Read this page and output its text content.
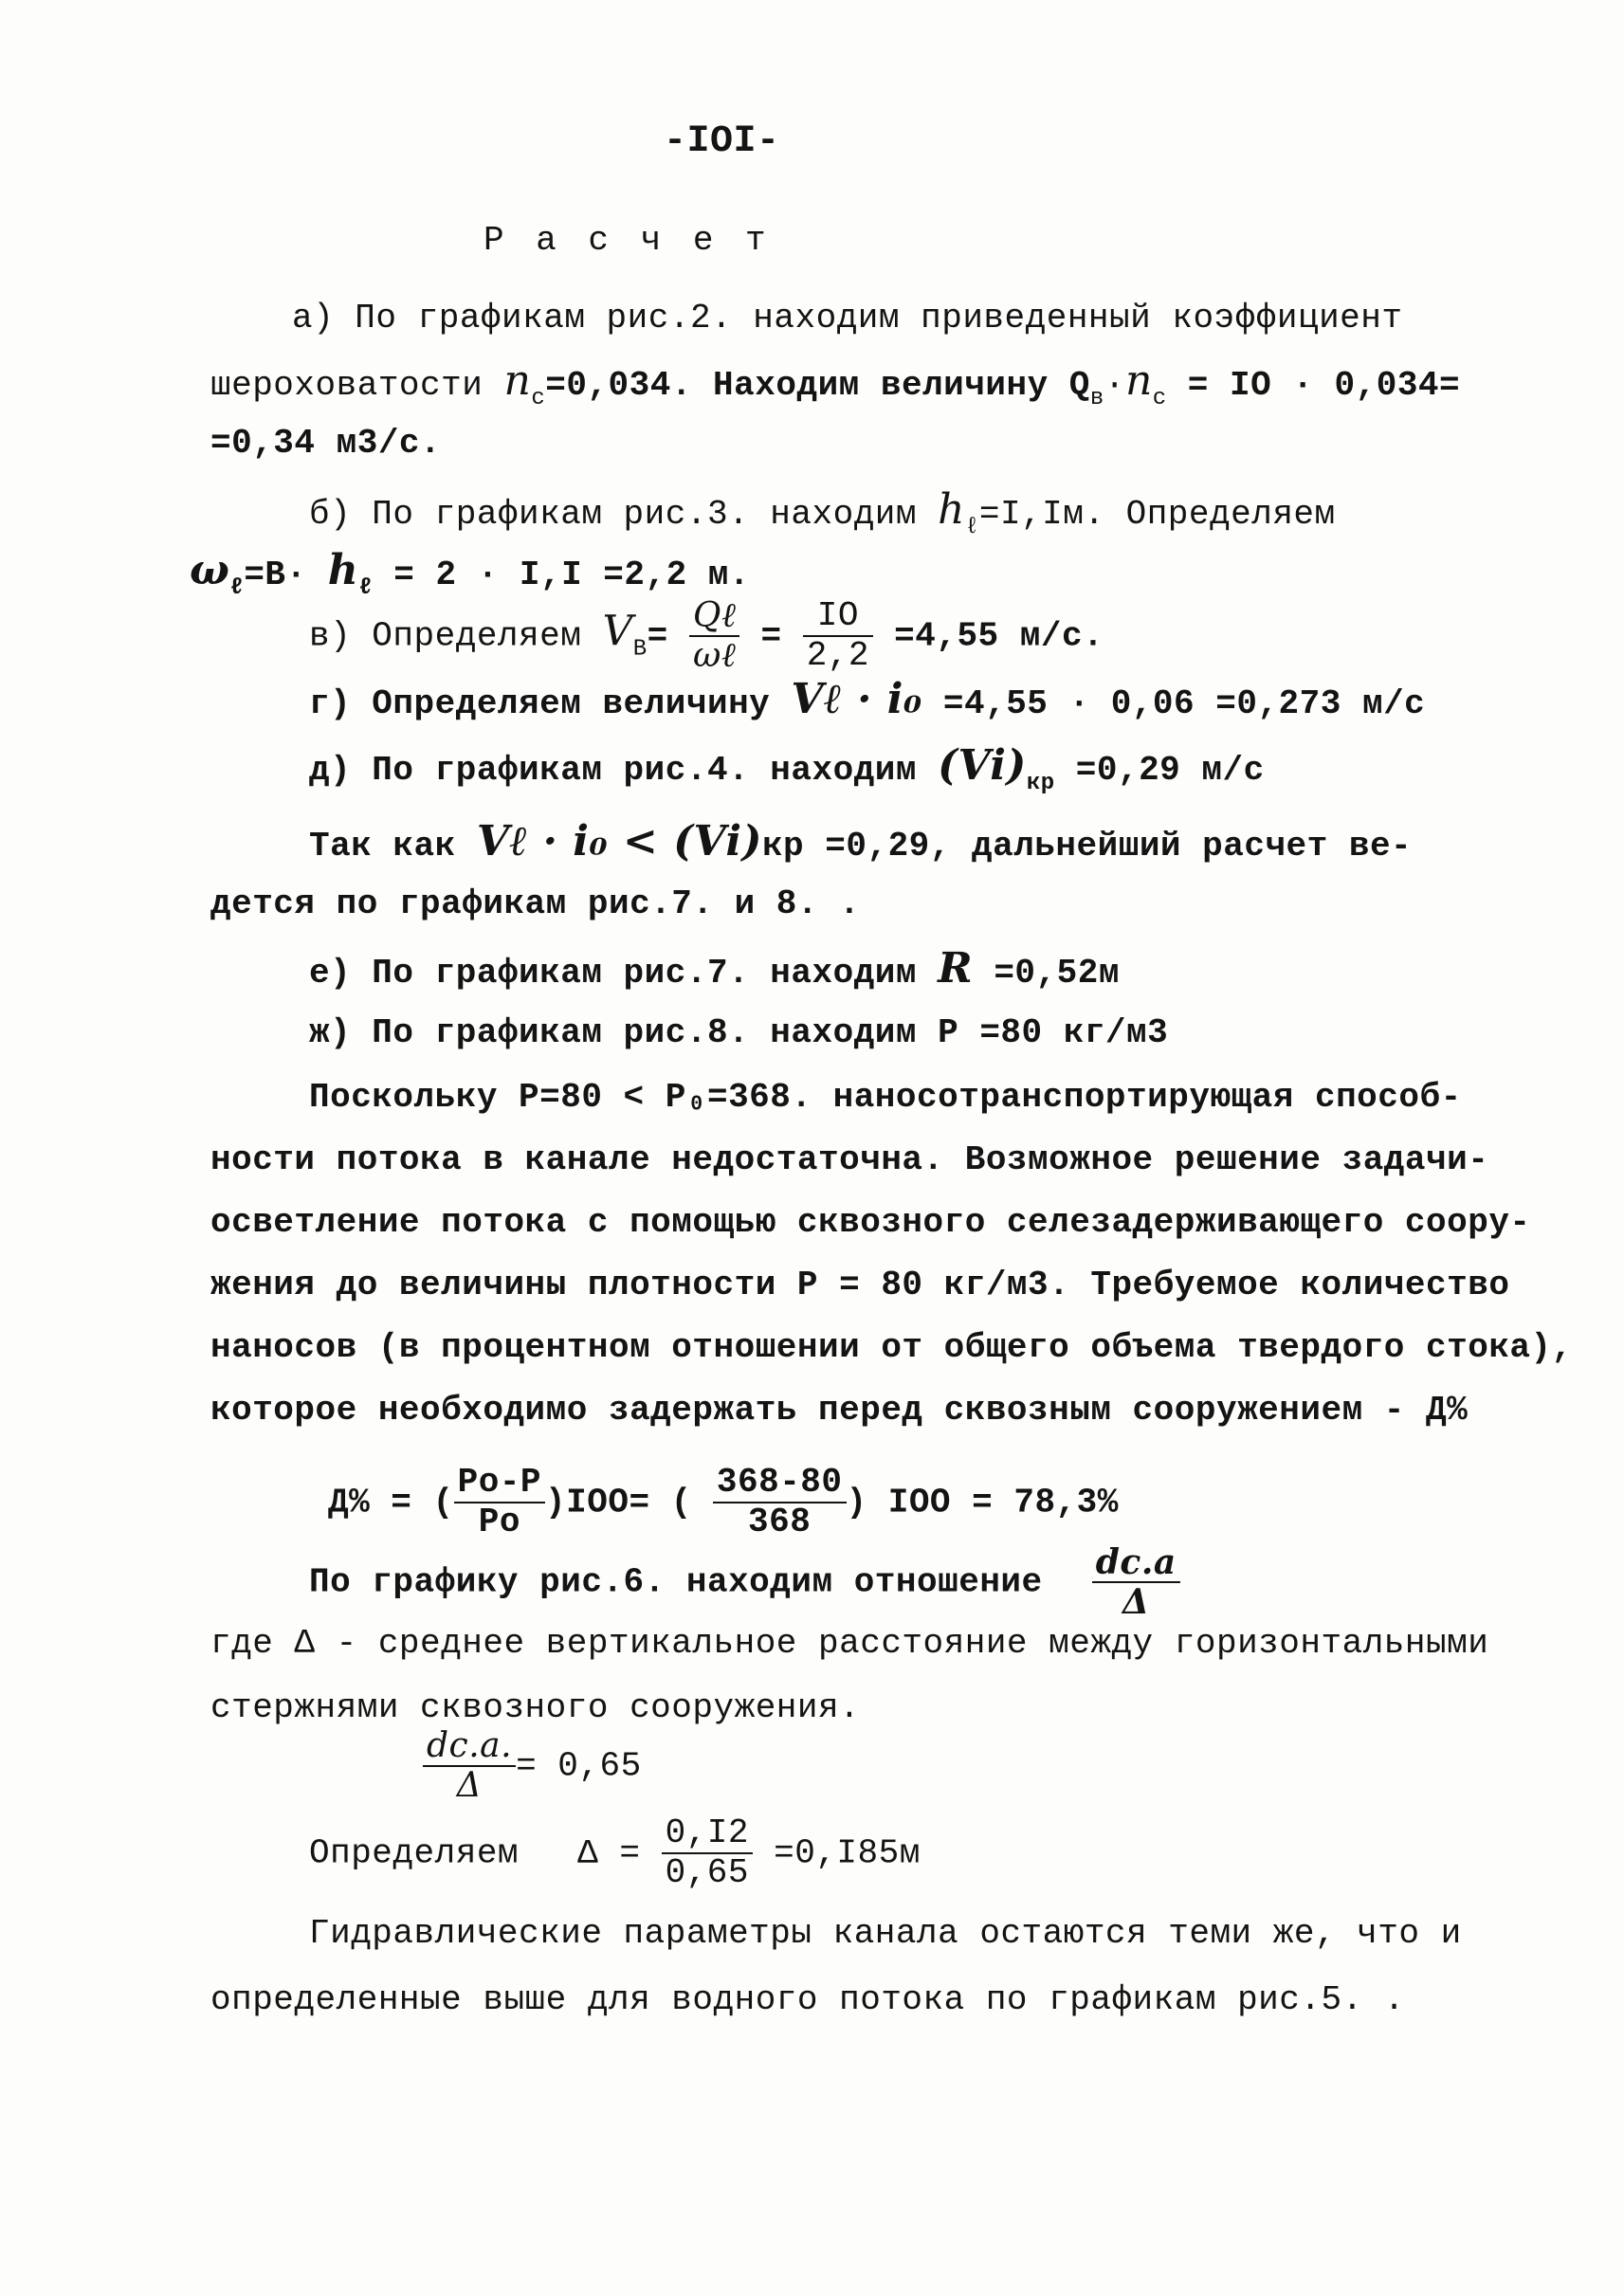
-IOI-
Р а с ч е т
а) По графикам рис.2. находим приведенный коэффициент
шероховатости $n_c=0,034$. Находим величину $Q_в\cdot n_c$ = IO · 0,034=
=0,34 м3/с.
б) По графикам рис.3. находим $h_\ell=I,Iм$. Определяем
$\omega_\ell=B\cdot h_\ell = 2 \cdot I,I =2,2$ м.
в) Определяем $V_B= \frac{\text{Qℓ}}{\text{ωℓ}} = \frac{IO}{2,2} =4,55$ м/с.
г) Определяем величину Vℓ · i₀ =4,55 · 0,06 =0,273 м/с
д) По графикам рис.4. находим $(Vi)_{кр} =0,29$ м/с
Так как Vℓ · i₀ < (Vi)кр =0,29, дальнейший расчет ве-
дется по графикам рис.7. и 8. .
е) По графикам рис.7. находим R =0,52м
ж) По графикам рис.8. находим Р =80 кг/м3
Поскольку Р=80 < Р₀=368. наносотранспортирующая способ-
ности потока в канале недостаточна. Возможное решение задачи-
осветление потока с помощью сквозного селезадерживающего соору-
жения до величины плотности Р = 80 кг/м3. Требуемое количество
наносов (в процентном отношении от общего объема твердого стока),
которое необходимо задержать перед сквозным сооружением - Д%
Д% = ( $\frac{Ро-Р}{Ро} )IOO=$ ( $\frac{368-80}{368}$ ) IOO = 78,3%
По графику рис.6. находим отношение $\frac{dс.а}{\Delta}$
где Δ - среднее вертикальное расстояние между горизонтальными
стержнями сквозного сооружения.
$\frac{dс.а.}{\Delta} = 0,65$
Определяем $\Delta = \frac{0,I2}{0,65} =0,I85м$
Гидравлические параметры канала остаются теми же, что и
определенные выше для водного потока по графикам рис.5. .
